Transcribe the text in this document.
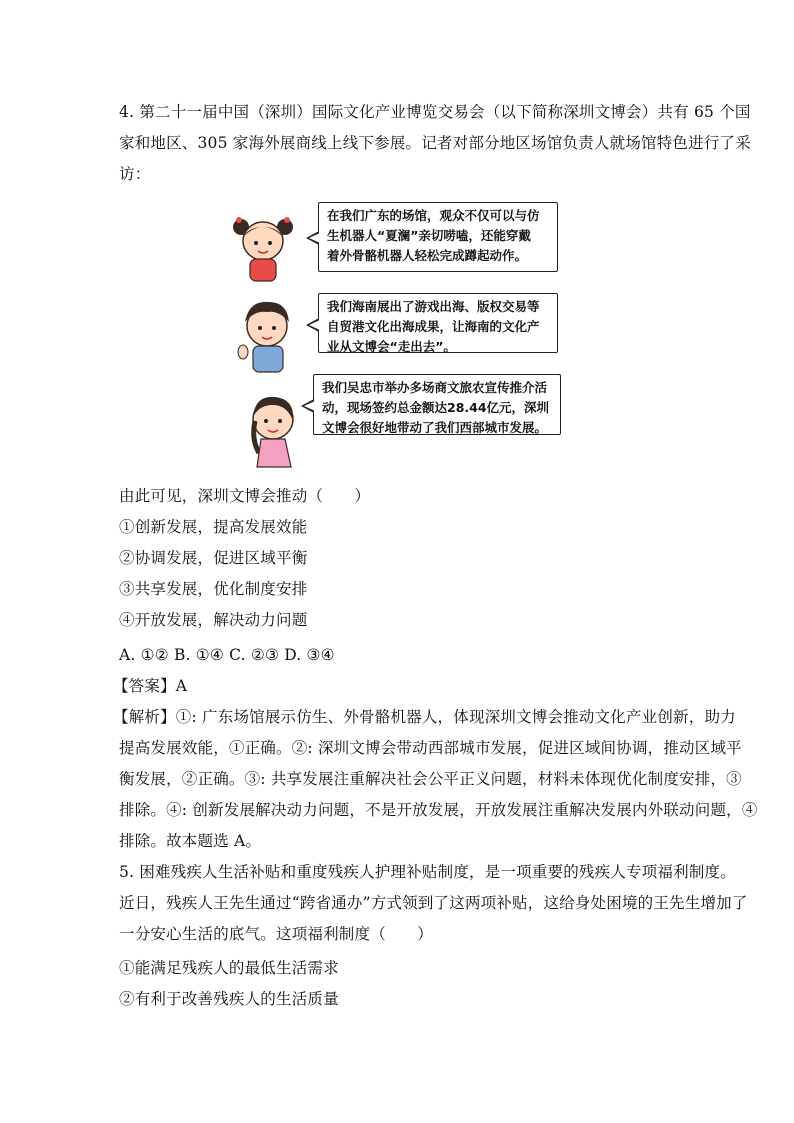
4. 第二十一届中国（深圳）国际文化产业博览交易会（以下简称深圳文博会）共有 65 个国
家和地区、305 家海外展商线上线下参展。记者对部分地区场馆负责人就场馆特色进行了采
访：
在我们广东的场馆，观众不仅可以与仿
生机器人“夏澜”亲切唠嗑，还能穿戴
着外骨骼机器人轻松完成蹲起动作。
我们海南展出了游戏出海、版权交易等
自贸港文化出海成果，让海南的文化产
业从文博会“走出去”。
我们吴忠市举办多场商文旅农宣传推介活
动，现场签约总金额达28.44亿元，深圳
文博会很好地带动了我们西部城市发展。
由此可见，深圳文博会推动（　　）
①创新发展，提高发展效能
②协调发展，促进区域平衡
③共享发展，优化制度安排
④开放发展，解决动力问题
A. ①② B. ①④ C. ②③ D. ③④
【答案】A
【解析】①: 广东场馆展示仿生、外骨骼机器人，体现深圳文博会推动文化产业创新，助力
提高发展效能，①正确。②: 深圳文博会带动西部城市发展，促进区域间协调，推动区域平
衡发展，②正确。③: 共享发展注重解决社会公平正义问题，材料未体现优化制度安排，③
排除。④: 创新发展解决动力问题，不是开放发展，开放发展注重解决发展内外联动问题，④
排除。故本题选 A。
5. 困难残疾人生活补贴和重度残疾人护理补贴制度，是一项重要的残疾人专项福利制度。
近日，残疾人王先生通过“跨省通办”方式领到了这两项补贴，这给身处困境的王先生增加了
一分安心生活的底气。这项福利制度（　　）
①能满足残疾人的最低生活需求
②有利于改善残疾人的生活质量
